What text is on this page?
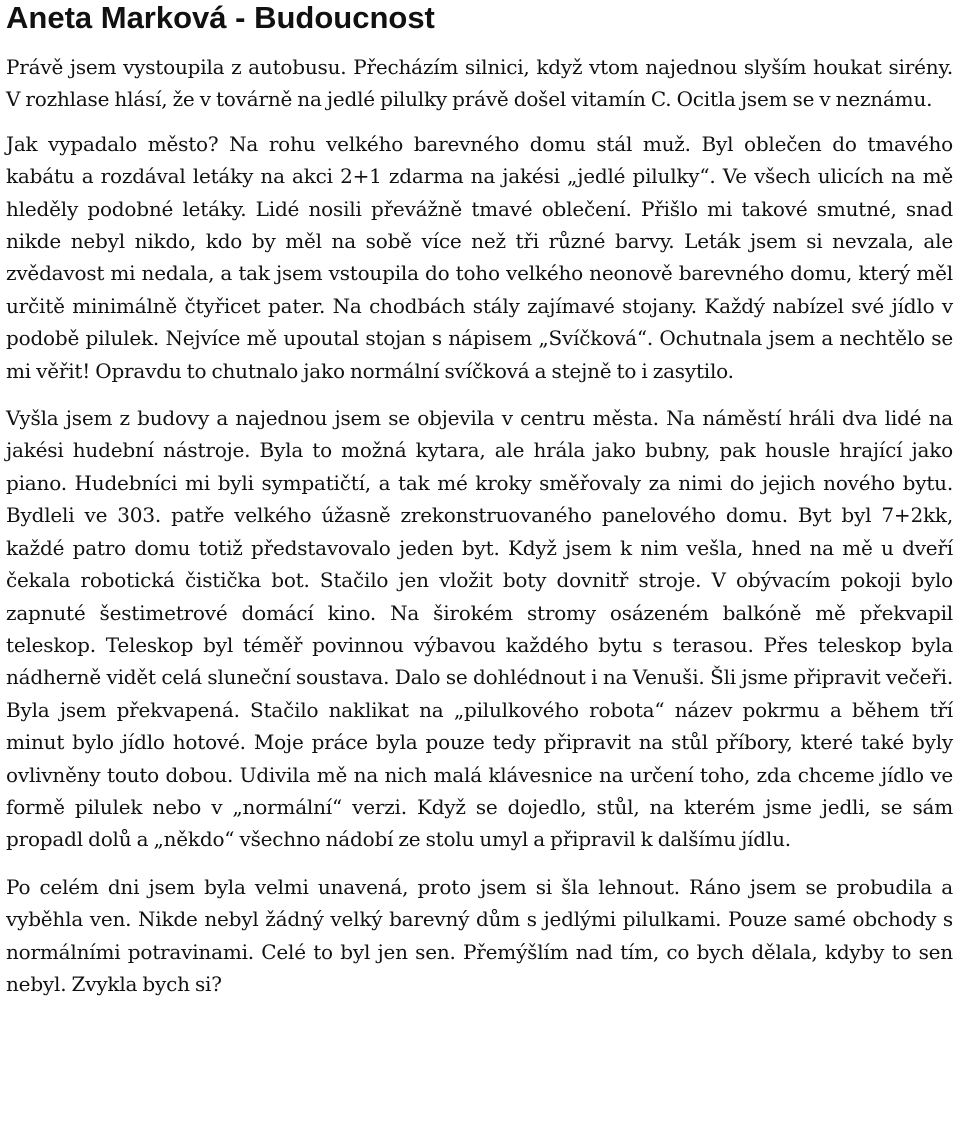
Aneta Marková - Budoucnost

Právě jsem vystoupila z autobusu. Přecházím silnici, když vtom najednou slyším houkat sirény. V rozhlase hlásí, že v továrně na jedlé pilulky právě došel vitamín C. Ocitla jsem se v neznámu.

Jak vypadalo město? Na rohu velkého barevného domu stál muž. Byl oblečen do tmavého kabátu a rozdával letáky na akci 2+1 zdarma na jakési „jedlé pilulky“. Ve všech ulicích na mě hleděly podobné letáky. Lidé nosili převážně tmavé oblečení. Přišlo mi takové smutné, snad nikde nebyl nikdo, kdo by měl na sobě více než tři různé barvy. Leták jsem si nevzala, ale zvědavost mi nedala, a tak jsem vstoupila do toho velkého neonově barevného domu, který měl určitě minimálně čtyřicet pater. Na chodbách stály zajímavé stojany. Každý nabízel své jídlo v podobě pilulek. Nejvíce mě upoutal stojan s nápisem „Svíčková“. Ochutnala jsem a nechtělo se mi věřit! Opravdu to chutnalo jako normální svíčková a stejně to i zasytilo.

Vyšla jsem z budovy a najednou jsem se objevila v centru města. Na náměstí hráli dva lidé na jakési hudební nástroje. Byla to možná kytara, ale hrála jako bubny, pak housle hrající jako piano. Hudebníci mi byli sympatičtí, a tak mé kroky směřovaly za nimi do jejich nového bytu. Bydleli ve 303. patře velkého úžasně zrekonstruovaného panelového domu. Byt byl 7+2kk, každé patro domu totiž představovalo jeden byt. Když jsem k nim vešla, hned na mě u dveří čekala robotická čistička bot. Stačilo jen vložit boty dovnitř stroje. V obývacím pokoji bylo zapnuté šestimetrové domácí kino. Na širokém stromy osázeném balkóně mě překvapil teleskop. Teleskop byl téměř povinnou výbavou každého bytu s terasou. Přes teleskop byla nádherně vidět celá sluneční soustava. Dalo se dohlédnout i na Venuši. Šli jsme připravit večeři. Byla jsem překvapená. Stačilo naklikat na „pilulkového robota“ název pokrmu a během tří minut bylo jídlo hotové. Moje práce byla pouze tedy připravit na stůl příbory, které také byly ovlivněny touto dobou. Udivila mě na nich malá klávesnice na určení toho, zda chceme jídlo ve formě pilulek nebo v „normální“ verzi. Když se dojedlo, stůl, na kterém jsme jedli, se sám propadl dolů a „někdo“ všechno nádobí ze stolu umyl a připravil k dalšímu jídlu.

Po celém dni jsem byla velmi unavená, proto jsem si šla lehnout. Ráno jsem se probudila a vyběhla ven. Nikde nebyl žádný velký barevný dům s jedlými pilulkami. Pouze samé obchody s normálními potravinami. Celé to byl jen sen. Přemýšlím nad tím, co bych dělala, kdyby to sen nebyl. Zvykla bych si?
